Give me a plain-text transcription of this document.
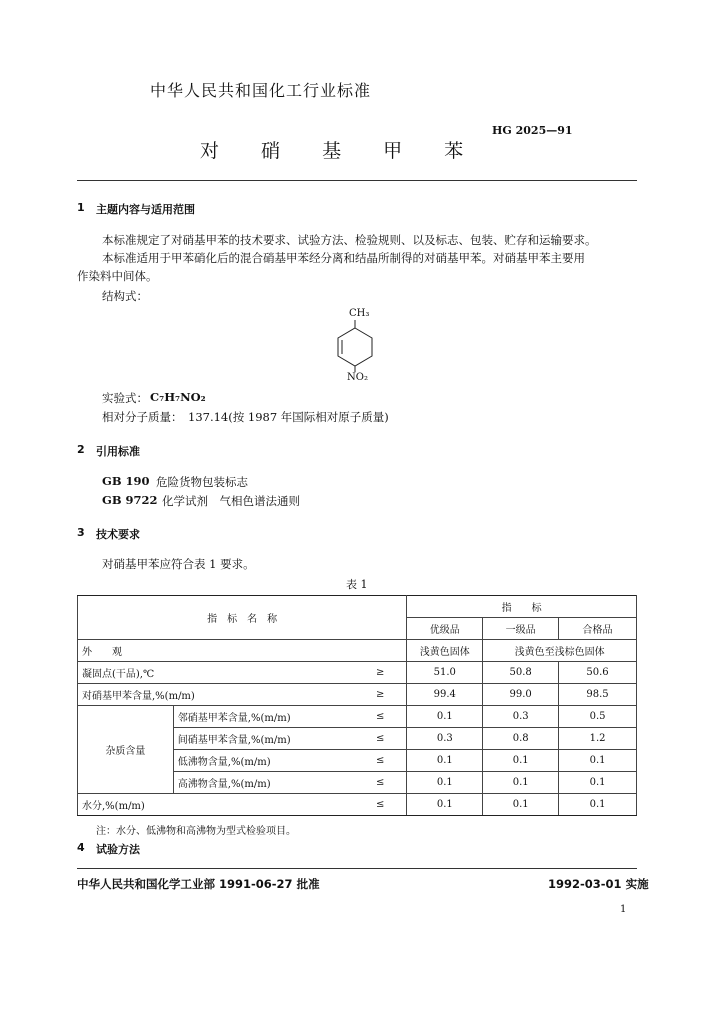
中华人民共和国化工行业标准
HG 2025—91
对 硝 基 甲 苯
1 主题内容与适用范围
本标准规定了对硝基甲苯的技术要求、试验方法、检验规则、以及标志、包装、贮存和运输要求。
本标准适用于甲苯硝化后的混合硝基甲苯经分离和结晶所制得的对硝基甲苯。对硝基甲苯主要用
作染料中间体。
结构式：
CH₃
NO₂
实验式： C₇H₇NO₂
相对分子质量： 137.14(按 1987 年国际相对原子质量)
2 引用标准
GB 190 危险货物包装标志
GB 9722 化学试剂　气相色谱法通则
3 技术要求
对硝基甲苯应符合表 1 要求。
表 1
指　标　名　称			指　　标		
			优级品	一级品	合格品
外　　观			浅黄色固体	浅黄色至浅棕色固体	
凝固点(干品),℃		≥	51.0	50.8	50.6
对硝基甲苯含量,%(m/m)		≥	99.4	99.0	98.5
杂质含量	邻硝基甲苯含量,%(m/m)	≤	0.1	0.3	0.5
	间硝基甲苯含量,%(m/m)	≤	0.3	0.8	1.2
	低沸物含量,%(m/m)	≤	0.1	0.1	0.1
	高沸物含量,%(m/m)	≤	0.1	0.1	0.1
水分,%(m/m)		≤	0.1	0.1	0.1
注：水分、低沸物和高沸物为型式检验项目。
4 试验方法
中华人民共和国化学工业部 1991-06-27 批准	1992-03-01 实施
1
